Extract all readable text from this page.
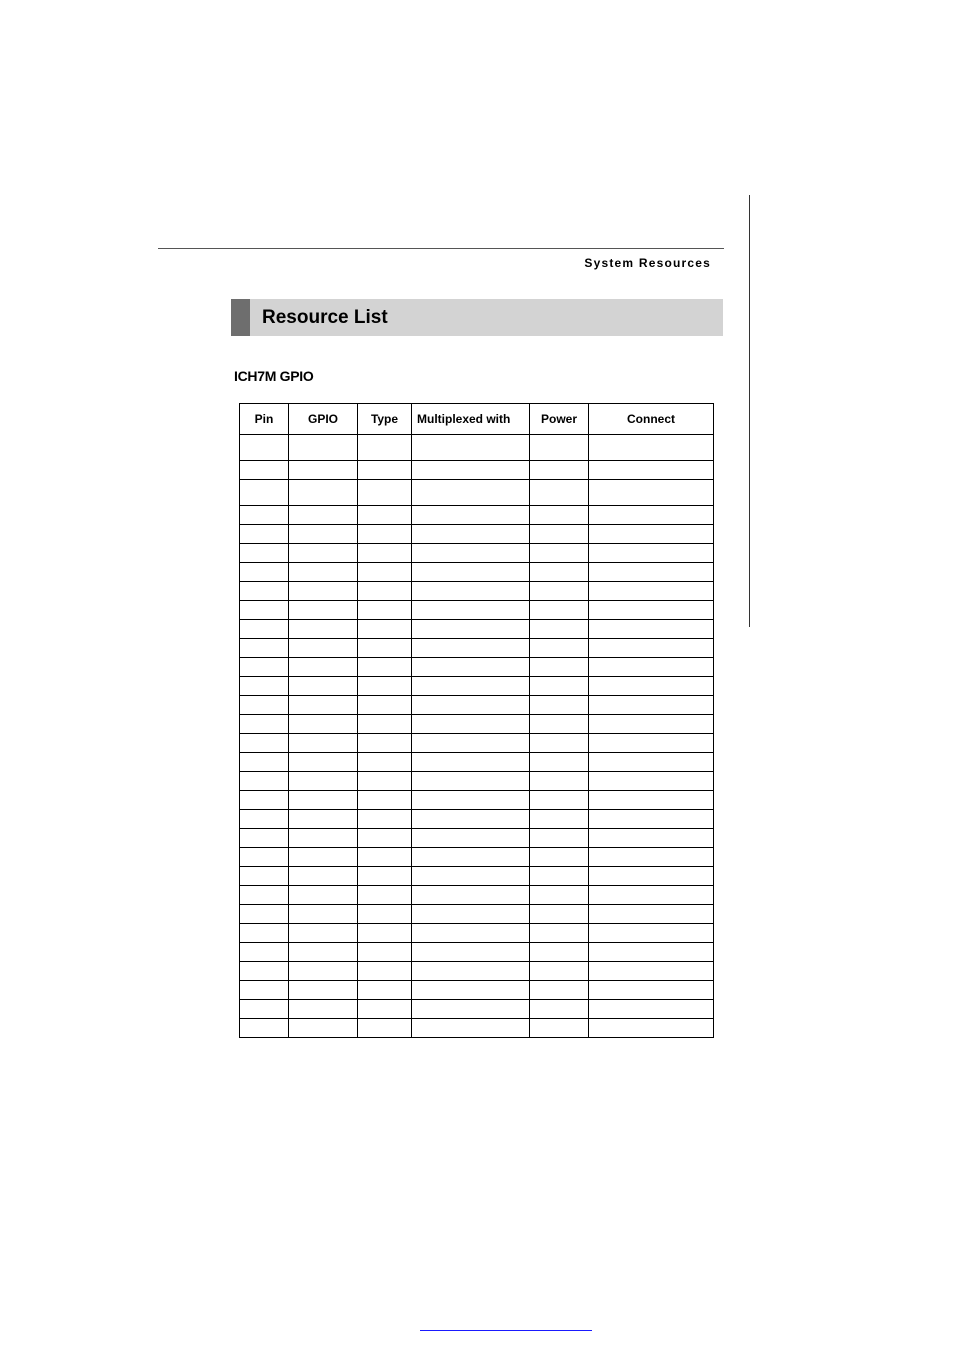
System Resources
Resource List
ICH7M GPIO
Pin	GPIO	Type	Multiplexed with	Power	Connect
